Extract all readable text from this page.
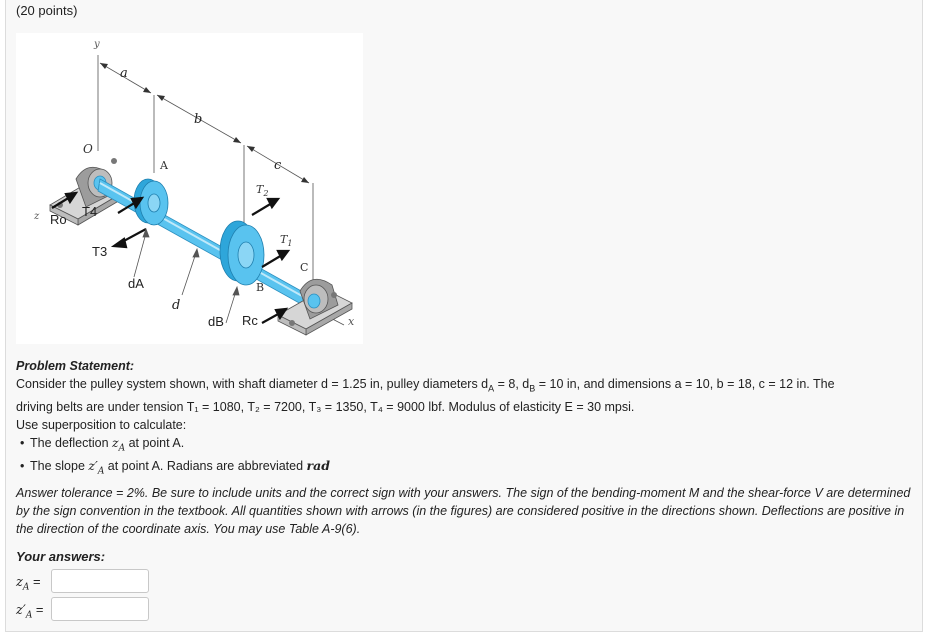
(20 points)
y
a
b
c
O
A
B
C
$T_2$
$T_1$
T4
T3
Ro
Rc
z
x
dA
d
dB
Problem Statement:
Consider the pulley system shown, with shaft diameter d = 1.25 in, pulley diameters $d_A = 8$, $d_B = 10$ in, and dimensions a = 10, b = 18, c = 12 in. The
driving belts are under tension T₁ = 1080, T₂ = 7200, T₃ = 1350, T₄ = 9000 lbf. Modulus of elasticity E = 30 mpsi.
Use superposition to calculate:
• The deflection $z_A$ at point A.
• The slope $z'_A$ at point A. Radians are abbreviated rad
Answer tolerance = 2%. Be sure to include units and the correct sign with your answers. The sign of the bending-moment M and the shear-force V are determined by the sign convention in the textbook. All quantities shown with arrows (in the figures) are considered positive in the directions shown. Deflections are positive in the direction of the coordinate axis. You may use Table A-9(6).
Your answers:
$z_A$ =
$z'_A$ =
